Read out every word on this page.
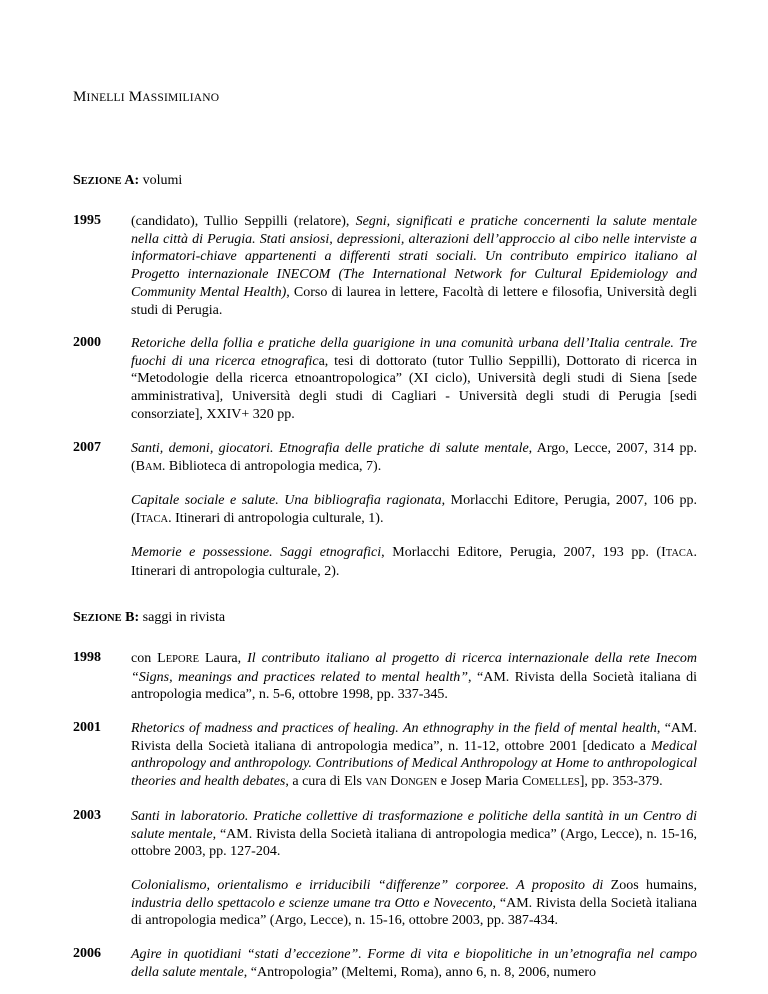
MINELLI MASSIMILIANO
SEZIONE A: volumi
1995 (candidato), Tullio Seppilli (relatore), Segni, significati e pratiche concernenti la salute mentale nella città di Perugia. Stati ansiosi, depressioni, alterazioni dell’approccio al cibo nelle interviste a informatori-chiave appartenenti a differenti strati sociali. Un contributo empirico italiano al Progetto internazionale INECOM (The International Network for Cultural Epidemiology and Community Mental Health), Corso di laurea in lettere, Facoltà di lettere e filosofia, Università degli studi di Perugia.
2000 Retoriche della follia e pratiche della guarigione in una comunità urbana dell’Italia centrale. Tre fuochi di una ricerca etnografica, tesi di dottorato (tutor Tullio Seppilli), Dottorato di ricerca in “Metodologie della ricerca etnoantropologica” (XI ciclo), Università degli studi di Siena [sede amministrativa], Università degli studi di Cagliari - Università degli studi di Perugia [sedi consorziate], XXIV+ 320 pp.
2007 Santi, demoni, giocatori. Etnografia delle pratiche di salute mentale, Argo, Lecce, 2007, 314 pp. (BAM. Biblioteca di antropologia medica, 7).
Capitale sociale e salute. Una bibliografia ragionata, Morlacchi Editore, Perugia, 2007, 106 pp. (ITACA. Itinerari di antropologia culturale, 1).
Memorie e possessione. Saggi etnografici, Morlacchi Editore, Perugia, 2007, 193 pp. (ITACA. Itinerari di antropologia culturale, 2).
SEZIONE B: saggi in rivista
1998 con LEPORE Laura, Il contributo italiano al progetto di ricerca internazionale della rete Inecom “Signs, meanings and practices related to mental health”, “AM. Rivista della Società italiana di antropologia medica”, n. 5-6, ottobre 1998, pp. 337-345.
2001 Rhetorics of madness and practices of healing. An ethnography in the field of mental health, “AM. Rivista della Società italiana di antropologia medica”, n. 11-12, ottobre 2001 [dedicato a Medical anthropology and anthropology. Contributions of Medical Anthropology at Home to anthropological theories and health debates, a cura di Els VAN DONGEN e Josep Maria COMELLES], pp. 353-379.
2003 Santi in laboratorio. Pratiche collettive di trasformazione e politiche della santità in un Centro di salute mentale, “AM. Rivista della Società italiana di antropologia medica” (Argo, Lecce), n. 15-16, ottobre 2003, pp. 127-204.
Colonialismo, orientalismo e irriducibili “differenze” corporee. A proposito di Zoos humains, industria dello spettacolo e scienze umane tra Otto e Novecento, “AM. Rivista della Società italiana di antropologia medica” (Argo, Lecce), n. 15-16, ottobre 2003, pp. 387-434.
2006 Agire in quotidiani “stati d’eccezione”. Forme di vita e biopolitiche in un’etnografia nel campo della salute mentale, “Antropologia” (Meltemi, Roma), anno 6, n. 8, 2006, numero
